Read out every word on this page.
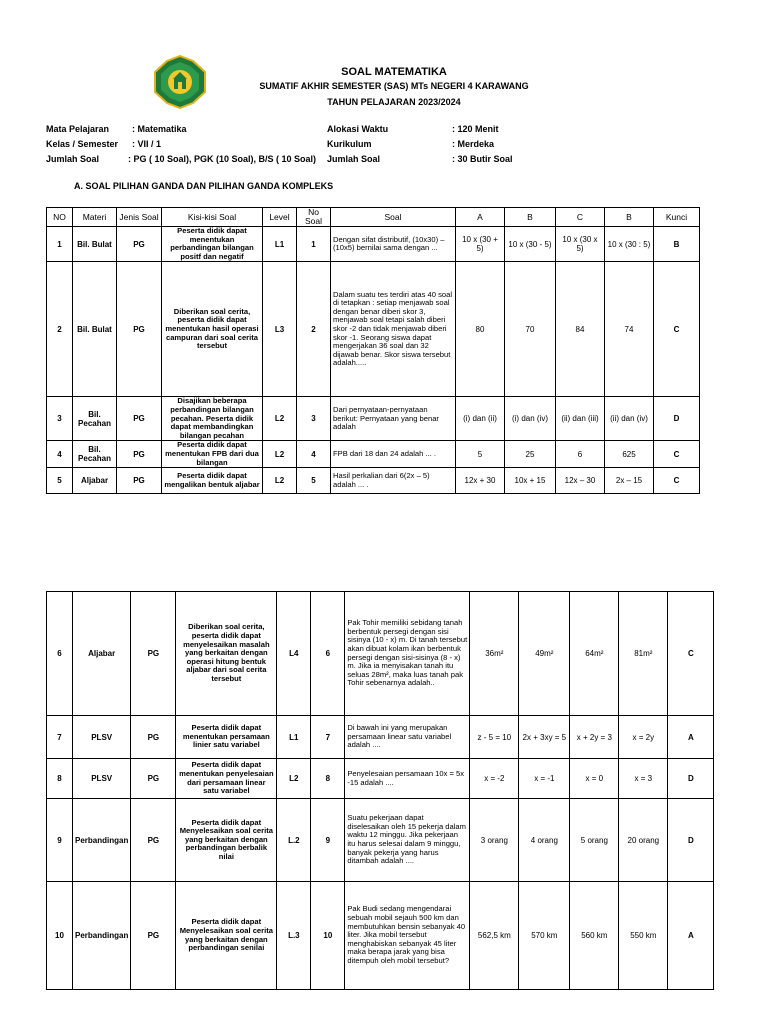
SOAL MATEMATIKA
SUMATIF AKHIR SEMESTER (SAS) MTs NEGERI 4 KARAWANG
TAHUN PELAJARAN 2023/2024
Mata Pelajaran	: Matematika
Kelas / Semester : VII / 1
Jumlah Soal	: PG ( 10 Soal), PGK (10 Soal), B/S ( 10 Soal)
Alokasi Waktu	: 120 Menit
Kurikulum	: Merdeka
Jumlah Soal	: 30 Butir Soal
A. SOAL PILIHAN GANDA DAN PILIHAN GANDA KOMPLEKS
NO	Materi	Jenis Soal	Kisi-kisi Soal	Level	No Soal	Soal	A	B	C	B	Kunci
1	Bil. Bulat	PG	Peserta didik dapat menentukan perbandingan bilangan positf dan negatif	L1	1	Dengan sifat distributif, (10x30) – (10x5) bernilai sama dengan ...	10 x (30 + 5)	10 x (30 - 5)	10 x (30 x 5)	10 x (30 : 5)	B
2	Bil. Bulat	PG	Diberikan soal cerita, peserta didik dapat menentukan hasil operasi campuran dari soal cerita tersebut	L3	2	Dalam suatu tes terdiri atas 40 soal di tetapkan : setiap menjawab soal dengan benar diberi skor 3, menjawab soal tetapi salah diberi skor -2 dan tidak menjawab diberi skor -1. Seorang siswa dapat mengerjakan 36 soal dan 32 dijawab benar. Skor siswa tersebut adalah.....	80	70	84	74	C
3	Bil. Pecahan	PG	Disajikan beberapa perbandingan bilangan pecahan. Peserta didik dapat membandingkan bilangan pecahan	L2	3	Dari pernyataan-pernyataan berikut: Pernyataan yang benar adalah	(i) dan (ii)	(i) dan (iv)	(ii) dan (iii)	(ii) dan (iv)	D
4	Bil. Pecahan	PG	Peserta didik dapat menentukan FPB dari dua bilangan	L2	4	FPB dari 18 dan 24 adalah ... .	5	25	6	625	C
5	Aljabar	PG	Peserta didik dapat mengalikan bentuk aljabar	L2	5	Hasil perkalian dari 6(2x – 5) adalah ... .	12x + 30	10x + 15	12x – 30	2x – 15	C
6	Aljabar	PG	Diberikan soal cerita, peserta didik dapat menyelesaikan masalah yang berkaitan dengan operasi hitung bentuk aljabar dari soal cerita tersebut	L4	6	Pak Tohir memiliki sebidang tanah berbentuk persegi dengan sisi sisinya (10 - x) m. Di tanah tersebut akan dibuat kolam ikan berbentuk persegi dengan sisi-sisinya (8 - x) m. Jika ia menyisakan tanah itu seluas 28m², maka luas tanah pak Tohir sebenarnya adalah..	36m²	49m²	64m²	81m²	C
7	PLSV	PG	Peserta didik dapat menentukan persamaan linier satu variabel	L1	7	Di bawah ini yang merupakan persamaan linear satu variabel adalah ....	z - 5 = 10	2x + 3xy = 5	x + 2y = 3	x = 2y	A
8	PLSV	PG	Peserta didik dapat menentukan penyelesaian dari persamaan linear satu variabel	L2	8	Penyelesaian persamaan 10x = 5x -15 adalah ....	x = -2	x = -1	x = 0	x = 3	D
9	Perbandingan	PG	Peserta didik dapat Menyelesaikan soal cerita yang berkaitan dengan perbandingan berbalik nilai	L.2	9	Suatu pekerjaan dapat diselesaikan oleh 15 pekerja dalam waktu 12 minggu. Jika pekerjaan itu harus selesai dalam 9 minggu, banyak pekerja yang harus ditambah adalah ....	3 orang	4 orang	5 orang	20 orang	D
10	Perbandingan	PG	Peserta didik dapat Menyelesaikan soal cerita yang berkaitan dengan perbandingan senilai	L.3	10	Pak Budi sedang mengendarai sebuah mobil sejauh 500 km dan membutuhkan bensin sebanyak 40 liter. Jika mobil tersebut menghabiskan sebanyak 45 liter maka berapa jarak yang bisa ditempuh oleh mobil tersebut?	562,5 km	570 km	560 km	550 km	A
